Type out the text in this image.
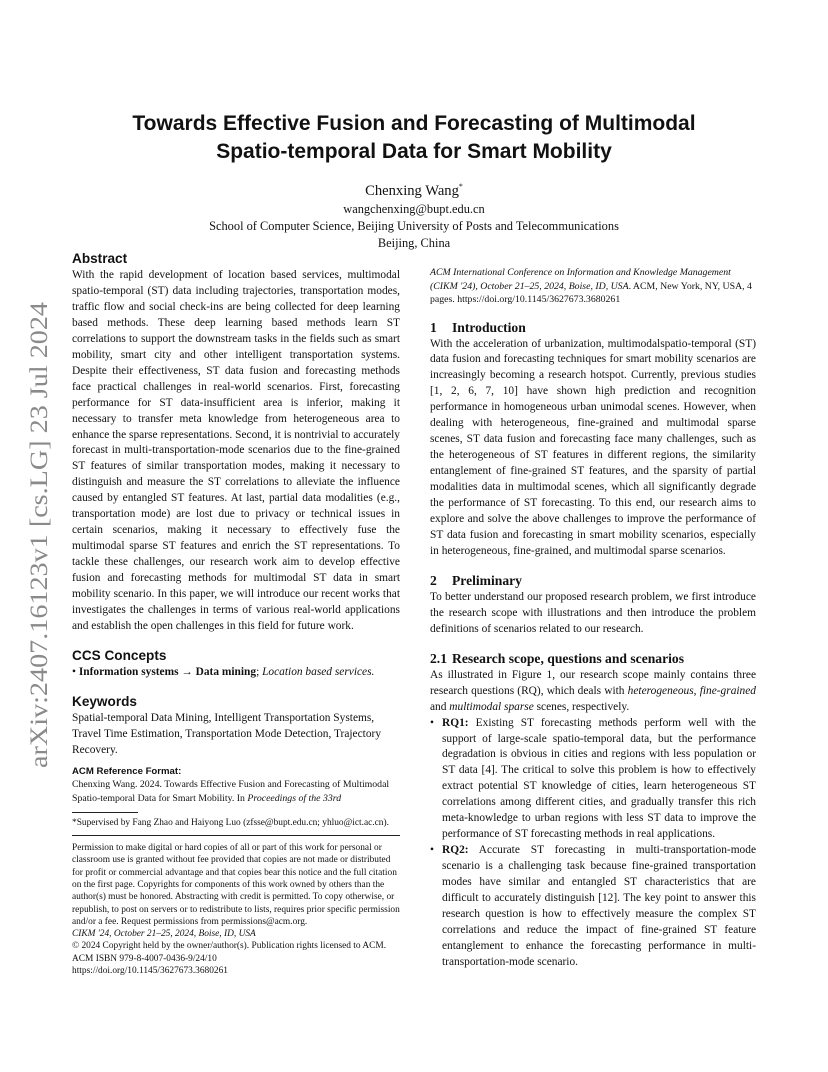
arXiv:2407.16123v1 [cs.LG] 23 Jul 2024
Towards Effective Fusion and Forecasting of Multimodal
Spatio-temporal Data for Smart Mobility
Chenxing Wang*
wangchenxing@bupt.edu.cn
School of Computer Science, Beijing University of Posts and Telecommunications
Beijing, China
Abstract

With the rapid development of location based services, multimodal spatio-temporal (ST) data including trajectories, transportation modes, traffic flow and social check-ins are being collected for deep learning based methods. These deep learning based methods learn ST correlations to support the downstream tasks in the fields such as smart mobility, smart city and other intelligent transportation systems. Despite their effectiveness, ST data fusion and forecasting methods face practical challenges in real-world scenarios. First, forecasting performance for ST data-insufficient area is inferior, making it necessary to transfer meta knowledge from heterogeneous area to enhance the sparse representations. Second, it is nontrivial to accurately forecast in multi-transportation-mode scenarios due to the fine-grained ST features of similar transportation modes, making it necessary to distinguish and measure the ST correlations to alleviate the influence caused by entangled ST features. At last, partial data modalities (e.g., transportation mode) are lost due to privacy or technical issues in certain scenarios, making it necessary to effectively fuse the multimodal sparse ST features and enrich the ST representations. To tackle these challenges, our research work aim to develop effective fusion and forecasting methods for multimodal ST data in smart mobility scenario. In this paper, we will introduce our recent works that investigates the challenges in terms of various real-world applications and establish the open challenges in this field for future work.

CCS Concepts

• Information systems → Data mining; Location based services.

Keywords

Spatial-temporal Data Mining, Intelligent Transportation Systems, Travel Time Estimation, Transportation Mode Detection, Trajectory Recovery.

ACM Reference Format:

Chenxing Wang. 2024. Towards Effective Fusion and Forecasting of Multimodal Spatio-temporal Data for Smart Mobility. In Proceedings of the 33rd

*Supervised by Fang Zhao and Haiyong Luo (zfsse@bupt.edu.cn; yhluo@ict.ac.cn).

Permission to make digital or hard copies of all or part of this work for personal or classroom use is granted without fee provided that copies are not made or distributed for profit or commercial advantage and that copies bear this notice and the full citation on the first page. Copyrights for components of this work owned by others than the author(s) must be honored. Abstracting with credit is permitted. To copy otherwise, or republish, to post on servers or to redistribute to lists, requires prior specific permission and/or a fee. Request permissions from permissions@acm.org.

CIKM '24, October 21–25, 2024, Boise, ID, USA

© 2024 Copyright held by the owner/author(s). Publication rights licensed to ACM.

ACM ISBN 979-8-4007-0436-9/24/10

https://doi.org/10.1145/3627673.3680261

ACM International Conference on Information and Knowledge Management (CIKM '24), October 21–25, 2024, Boise, ID, USA. ACM, New York, NY, USA, 4 pages. https://doi.org/10.1145/3627673.3680261

1 Introduction

With the acceleration of urbanization, multimodalspatio-temporal (ST) data fusion and forecasting techniques for smart mobility scenarios are increasingly becoming a research hotspot. Currently, previous studies [1, 2, 6, 7, 10] have shown high prediction and recognition performance in homogeneous urban unimodal scenes. However, when dealing with heterogeneous, fine-grained and multimodal sparse scenes, ST data fusion and forecasting face many challenges, such as the heterogeneous of ST features in different regions, the similarity entanglement of fine-grained ST features, and the sparsity of partial modalities data in multimodal scenes, which all significantly degrade the performance of ST forecasting. To this end, our research aims to explore and solve the above challenges to improve the performance of ST data fusion and forecasting in smart mobility scenarios, especially in heterogeneous, fine-grained, and multimodal sparse scenarios.

2 Preliminary

To better understand our proposed research problem, we first introduce the research scope with illustrations and then introduce the problem definitions of scenarios related to our research.

2.1 Research scope, questions and scenarios

As illustrated in Figure 1, our research scope mainly contains three research questions (RQ), which deals with heterogeneous, fine-grained and multimodal sparse scenes, respectively.

• RQ1: Existing ST forecasting methods perform well with the support of large-scale spatio-temporal data, but the performance degradation is obvious in cities and regions with less population or ST data [4]. The critical to solve this problem is how to effectively extract potential ST knowledge of cities, learn heterogeneous ST correlations among different cities, and gradually transfer this rich meta-knowledge to urban regions with less ST data to improve the performance of ST forecasting methods in real applications.
• RQ2: Accurate ST forecasting in multi-transportation-mode scenario is a challenging task because fine-grained transportation modes have similar and entangled ST characteristics that are difficult to accurately distinguish [12]. The key point to answer this research question is how to effectively measure the complex ST correlations and reduce the impact of fine-grained ST feature entanglement to enhance the forecasting performance in multi-transportation-mode scenario.
